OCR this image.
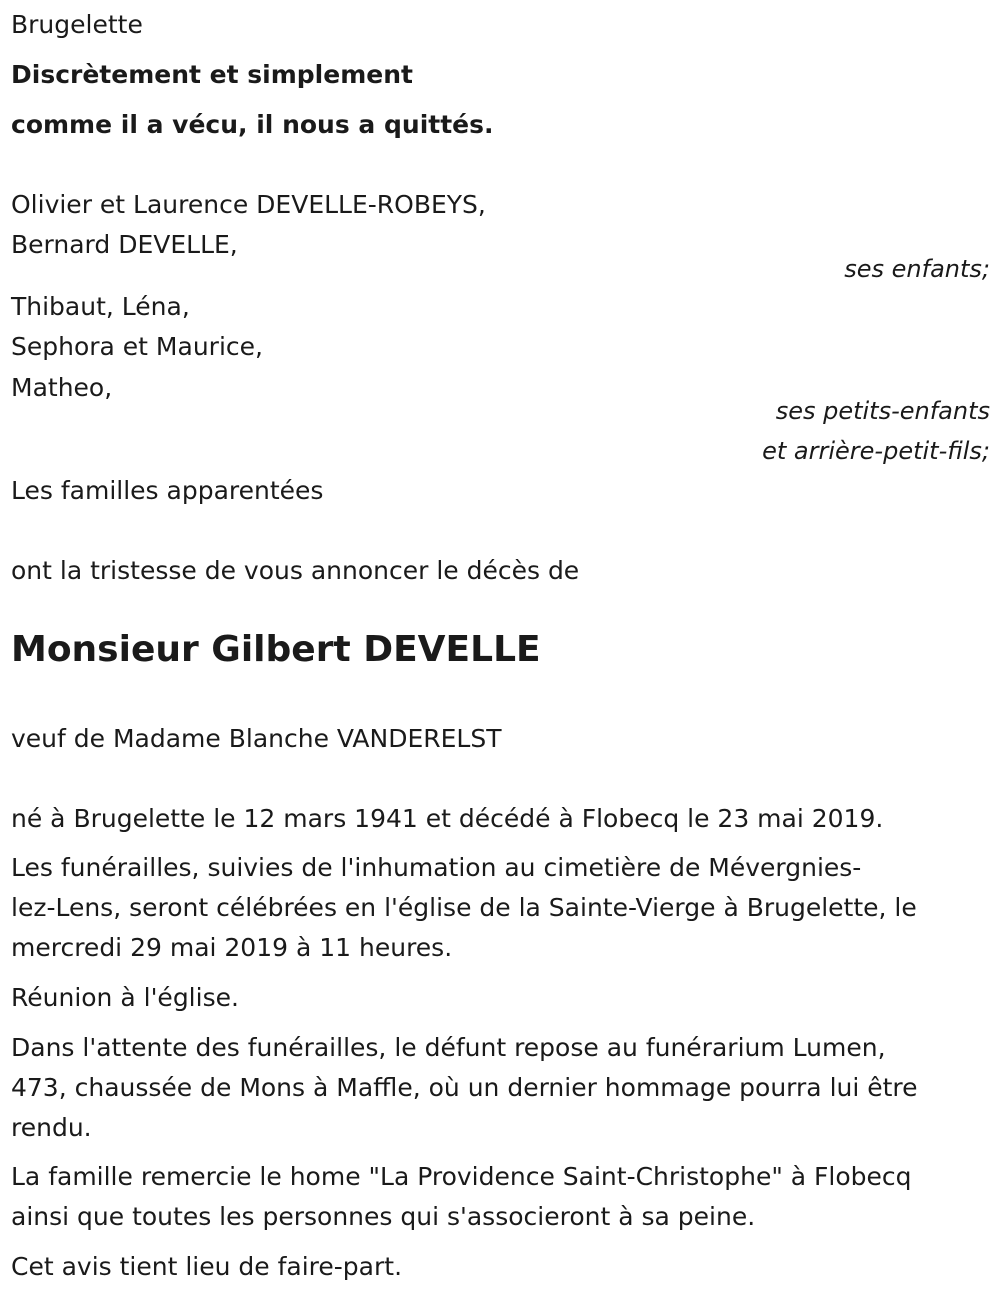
Brugelette
Discrètement et simplement
comme il a vécu, il nous a quittés.
Olivier et Laurence DEVELLE-ROBEYS,
Bernard DEVELLE,
ses enfants;
Thibaut, Léna,
Sephora et Maurice,
Matheo,
ses petits-enfants
et arrière-petit-fils;
Les familles apparentées
ont la tristesse de vous annoncer le décès de
Monsieur Gilbert DEVELLE
veuf de Madame Blanche VANDERELST
né à Brugelette le 12 mars 1941 et décédé à Flobecq le 23 mai 2019.
Les funérailles, suivies de l'inhumation au cimetière de Mévergnies-
lez-Lens, seront célébrées en l'église de la Sainte-Vierge à Brugelette, le
mercredi 29 mai 2019 à 11 heures.
Réunion à l'église.
Dans l'attente des funérailles, le défunt repose au funérarium Lumen,
473, chaussée de Mons à Maffle, où un dernier hommage pourra lui être
rendu.
La famille remercie le home "La Providence Saint-Christophe" à Flobecq
ainsi que toutes les personnes qui s'associeront à sa peine.
Cet avis tient lieu de faire-part.
